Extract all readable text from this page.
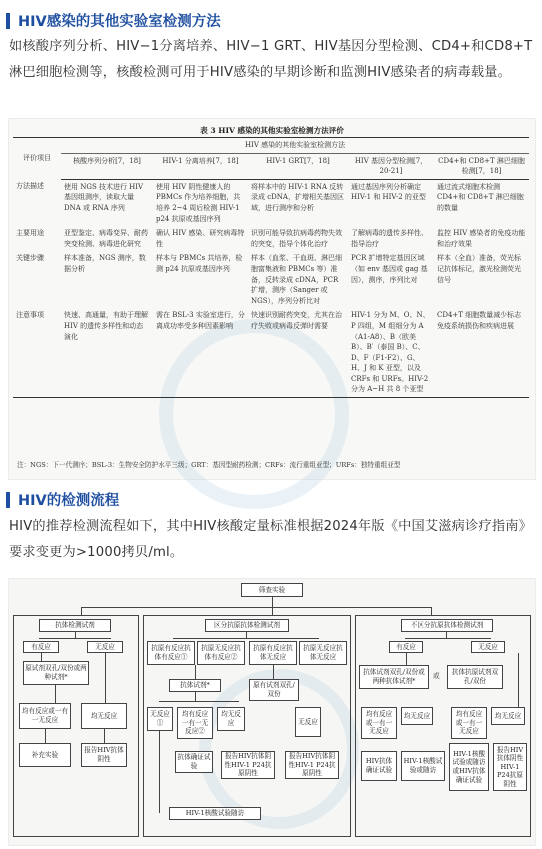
HIV感染的其他实验室检测方法
如核酸序列分析、HIV−1分离培养、HIV−1 GRT、HIV基因分型检测、CD4+和CD8+T淋巴细胞检测等，核酸检测可用于HIV感染的早期诊断和监测HIV感染者的病毒载量。
表 3 HIV 感染的其他实验室检测方法评价
评价项目	HIV 感染的其他实验室检测方法				
	核酸序列分析[7，18]	HIV-1 分离培养[7，18]	HIV-1 GRT[7，18]	HIV 基因分型检测[7，20-21]	CD4+和 CD8+T 淋巴细胞检测[7，18]
方法描述	使用 NGS 技术进行 HIV 基因组测序，读取大量 DNA 或 RNA 序列	使用 HIV 阴性健康人的 PBMCs 作为培养细胞，共培养 2~4 周后检测 HIV-1 p24 抗原或基因序列	将样本中的 HIV-1 RNA 反转录成 cDNA，扩增相关基因区域，进行测序和分析	通过基因序列分析确定 HIV-1 和 HIV-2 的亚型	通过流式细胞术检测 CD4+和 CD8+T 淋巴细胞的数量
主要用途	亚型鉴定、病毒变异、耐药突变检测、病毒进化研究	确认 HIV 感染、研究病毒特性	识别可能导致抗病毒药物失效的突变，指导个体化治疗	了解病毒的遗传多样性、指导治疗	监控 HIV 感染者的免疫功能和治疗效果
关键步骤	样本准备，NGS 测序，数据分析	样本与 PBMCs 共培养，检测 p24 抗原或基因序列	样本（血浆、干血斑、淋巴细胞富集液和 PBMCs 等）准备，反转录成 cDNA，PCR 扩增，测序（Sanger 或 NGS），序列分析比对	PCR 扩增特定基因区域（如 env 基因或 gag 基因），测序，序列比对	样本（全血）准备，荧光标记抗体标记，激光检测荧光信号
注意事项	快速、高通量，有助于理解 HIV 的遗传多样性和动态演化	需在 BSL-3 实验室进行，分离成功率受多种因素影响	快速识别耐药突变，尤其在治疗失败或病毒反弹时需要	HIV-1 分为 M、O、N、P 四组，M 组细分为 A（A1-A8）、B（欧美 B）、B′（泰国 B）、C、D、F（F1-F2）、G、H、J 和 K 亚型，以及 CRFs 和 URFs。HIV-2 分为 A~H 共 8 个亚型	CD4+T 细胞数量减少标志免疫系统损伤和疾病进展
注：NGS：下一代测序；BSL-3：生物安全防护水平三级；GRT：基因型耐药检测；CRFs：流行重组亚型；URFs：独特重组亚型
HIV的检测流程
HIV的推荐检测流程如下，其中HIV核酸定量标准根据2024年版《中国艾滋病诊疗指南》要求变更为>1000拷贝/ml。
筛查实验
抗体检测试剂
有反应	无反应
原试剂双孔/双份或两种试剂*
均有反应或一有一无反应
均无反应
补充实验
报告HIV抗体阴性
区分抗原抗体检测试剂
抗原有反应抗体有反应①
抗原无反应抗体有反应②
抗原有反应抗体无反应
抗原无反应抗体无反应
抗体试剂*	原有试剂双孔/双份
无反应①
均有反应一有一无反应②
均无反应	无反应
抗体确证试验
报告HIV抗体阴性HIV-1 P24抗原阴性
报告HIV抗体阴性HIV-1 P24抗原阴性
HIV-1核酸试验随访
不区分抗原抗体检测试剂
有反应	无反应
抗体试剂双孔/双份或两种抗体试剂*
或	抗体抗原试剂双孔/双份
均有反应或一有一无反应
均无反应	均有反应或一有一无反应
均无反应
HIV抗体确证试验
HIV-1核酸试验或随访
HIV-1核酸试验或随访或HIV抗体确证试验
报告HIV抗体阴性HIV-1 P24抗原阴性
